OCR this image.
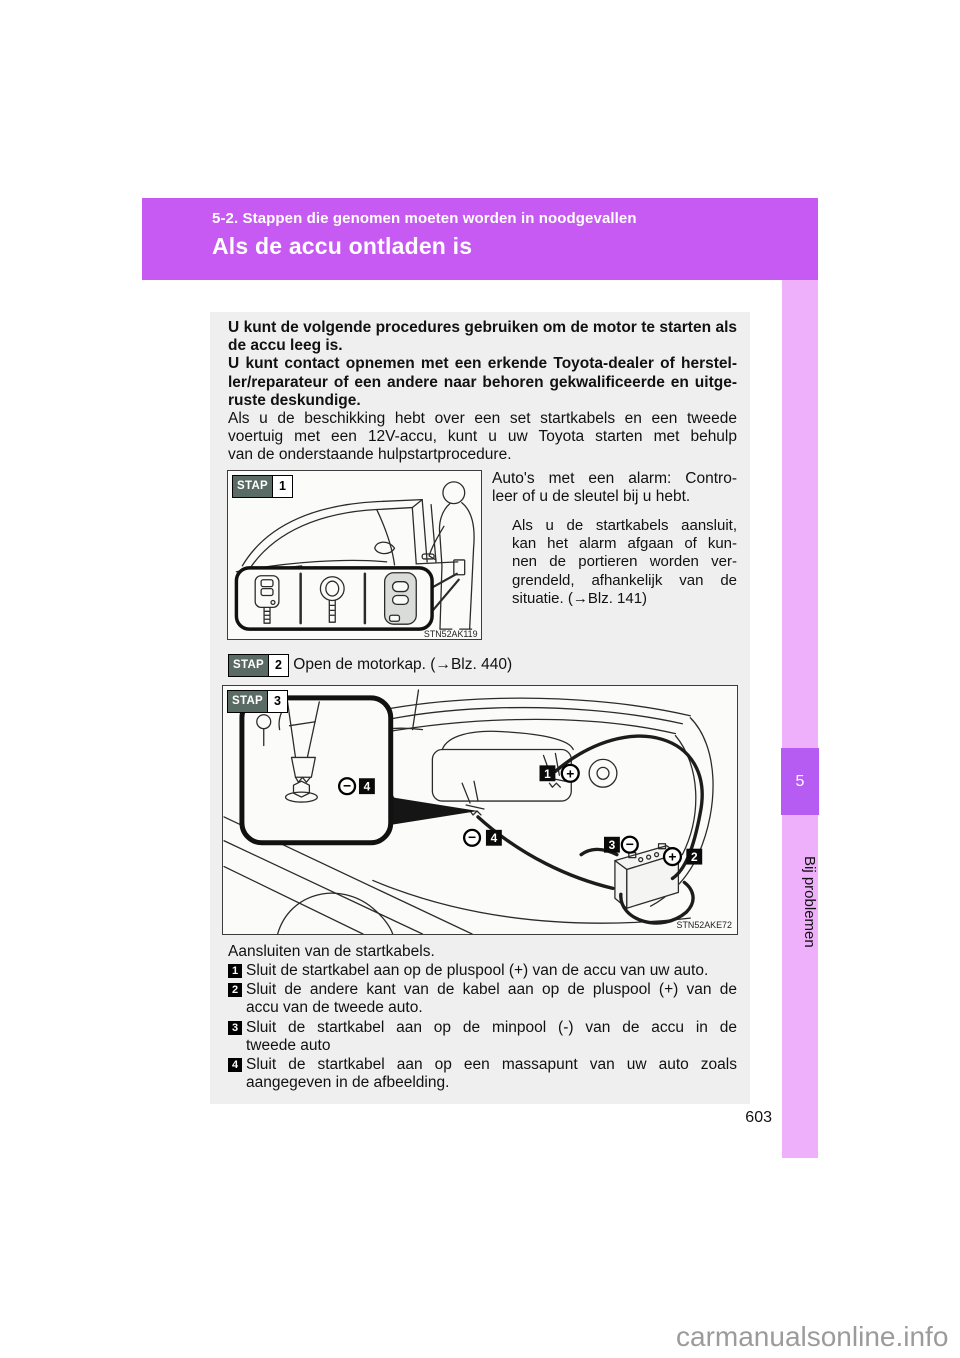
5-2. Stappen die genomen moeten worden in noodgevallen
Als de accu ontladen is
5
Bij problemen
U kunt de volgende procedures gebruiken om de motor te starten als
de accu leeg is.
U kunt contact opnemen met een erkende Toyota-dealer of herstel-
ler/reparateur of een andere naar behoren gekwalificeerde en uitge-
ruste deskundige.
Als u de beschikking hebt over een set startkabels en een tweede
voertuig met een 12V-accu, kunt u uw Toyota starten met behulp
van de onderstaande hulpstartprocedure.
STAP 1
STN52AK119
Auto's met een alarm: Contro-
leer of u de sleutel bij u hebt.
Als u de startkabels aansluit,
kan het alarm afgaan of kun-
nen de portieren worden ver-
grendeld, afhankelijk van de
situatie. (→Blz. 141)
STAP 2 Open de motorkap. (→Blz. 440)
STAP 3
1 +
− 4
− 4	3 −
+ 2
STN52AKE72
Aansluiten van de startkabels.
1 Sluit de startkabel aan op de pluspool (+) van de accu van uw auto.
2 Sluit de andere kant van de kabel aan op de pluspool (+) van de
accu van de tweede auto.
3 Sluit de startkabel aan op de minpool (-) van de accu in de
tweede auto
4 Sluit de startkabel aan op een massapunt van uw auto zoals
aangegeven in de afbeelding.
603
carmanualsonline.info
